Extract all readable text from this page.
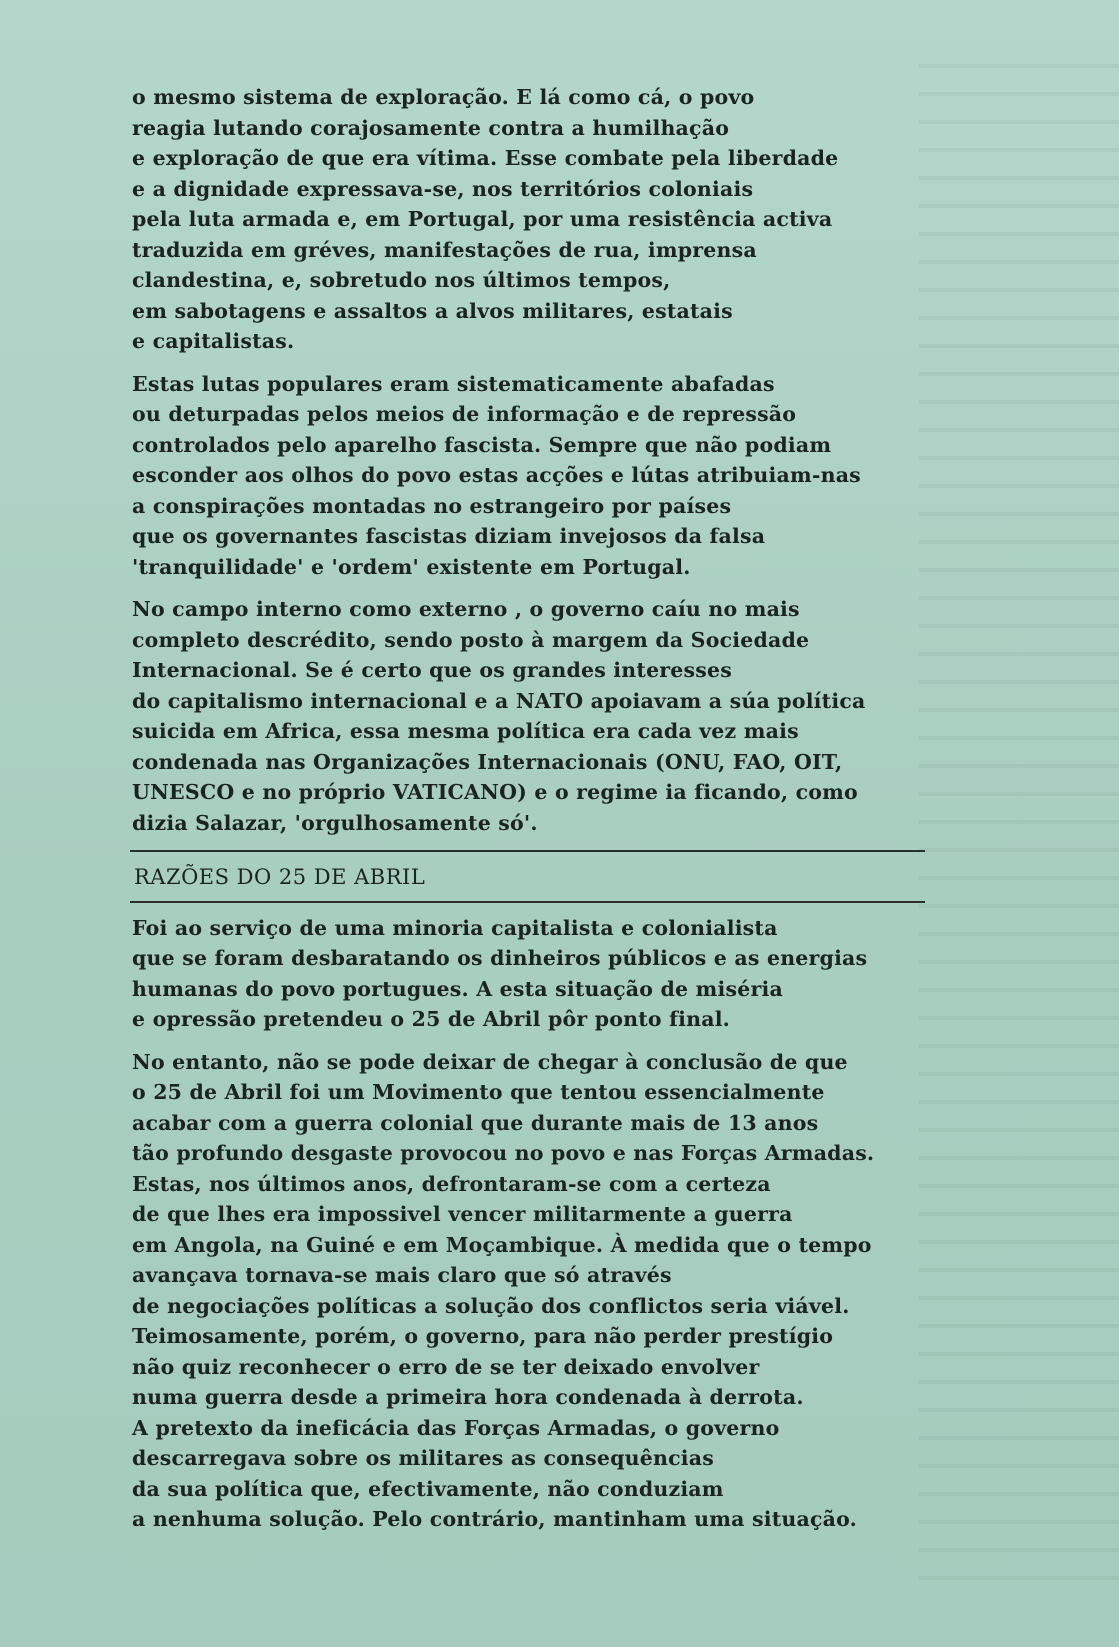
o mesmo sistema de exploração. E lá como cá, o povo
reagia lutando corajosamente contra a humilhação
e exploração de que era vítima. Esse combate pela liberdade
e a dignidade expressava-se, nos territórios coloniais
pela luta armada e, em Portugal, por uma resistência activa
traduzida em gréves, manifestações de rua, imprensa
clandestina, e, sobretudo nos últimos tempos,
em sabotagens e assaltos a alvos militares, estatais
e capitalistas.

Estas lutas populares eram sistematicamente abafadas
ou deturpadas pelos meios de informação e de repressão
controlados pelo aparelho fascista. Sempre que não podiam
esconder aos olhos do povo estas acções e lútas atribuiam-nas
a conspirações montadas no estrangeiro por países
que os governantes fascistas diziam invejosos da falsa
'tranquilidade' e 'ordem' existente em Portugal.

No campo interno como externo , o governo caíu no mais
completo descrédito, sendo posto à margem da Sociedade
Internacional. Se é certo que os grandes interesses
do capitalismo internacional e a NATO apoiavam a súa política
suicida em Africa, essa mesma política era cada vez mais
condenada nas Organizações Internacionais (ONU, FAO, OIT,
UNESCO e no próprio VATICANO) e o regime ia ficando, como
dizia Salazar, 'orgulhosamente só'.

RAZÕES DO 25 DE ABRIL

Foi ao serviço de uma minoria capitalista e colonialista
que se foram desbaratando os dinheiros públicos e as energias
humanas do povo portugues. A esta situação de miséria
e opressão pretendeu o 25 de Abril pôr ponto final.

No entanto, não se pode deixar de chegar à conclusão de que
o 25 de Abril foi um Movimento que tentou essencialmente
acabar com a guerra colonial que durante mais de 13 anos
tão profundo desgaste provocou no povo e nas Forças Armadas.
Estas, nos últimos anos, defrontaram-se com a certeza
de que lhes era impossivel vencer militarmente a guerra
em Angola, na Guiné e em Moçambique. À medida que o tempo
avançava tornava-se mais claro que só através
de negociações políticas a solução dos conflictos seria viável.
Teimosamente, porém, o governo, para não perder prestígio
não quiz reconhecer o erro de se ter deixado envolver
numa guerra desde a primeira hora condenada à derrota.
A pretexto da ineficácia das Forças Armadas, o governo
descarregava sobre os militares as consequências
da sua política que, efectivamente, não conduziam
a nenhuma solução. Pelo contrário, mantinham uma situação.
